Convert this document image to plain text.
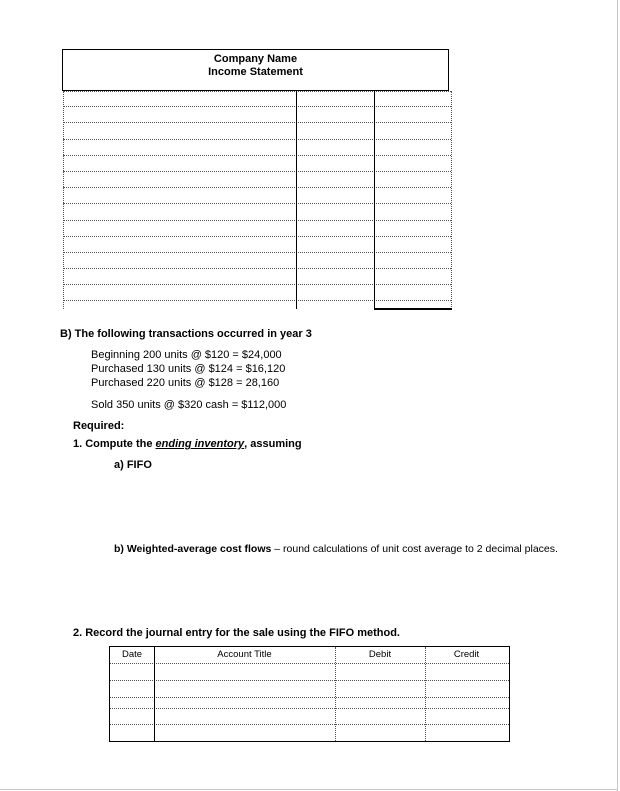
Company Name
Income Statement
B) The following transactions occurred in year 3
Beginning 200 units @ $120 = $24,000
Purchased 130 units @ $124 = $16,120
Purchased 220 units @ $128 = 28,160
Sold 350 units @ $320 cash = $112,000
Required:
1. Compute the ending inventory, assuming
a) FIFO
b) Weighted-average cost flows – round calculations of unit cost average to 2 decimal places.
2. Record the journal entry for the sale using the FIFO method.
Date	Account Title	Debit	Credit
